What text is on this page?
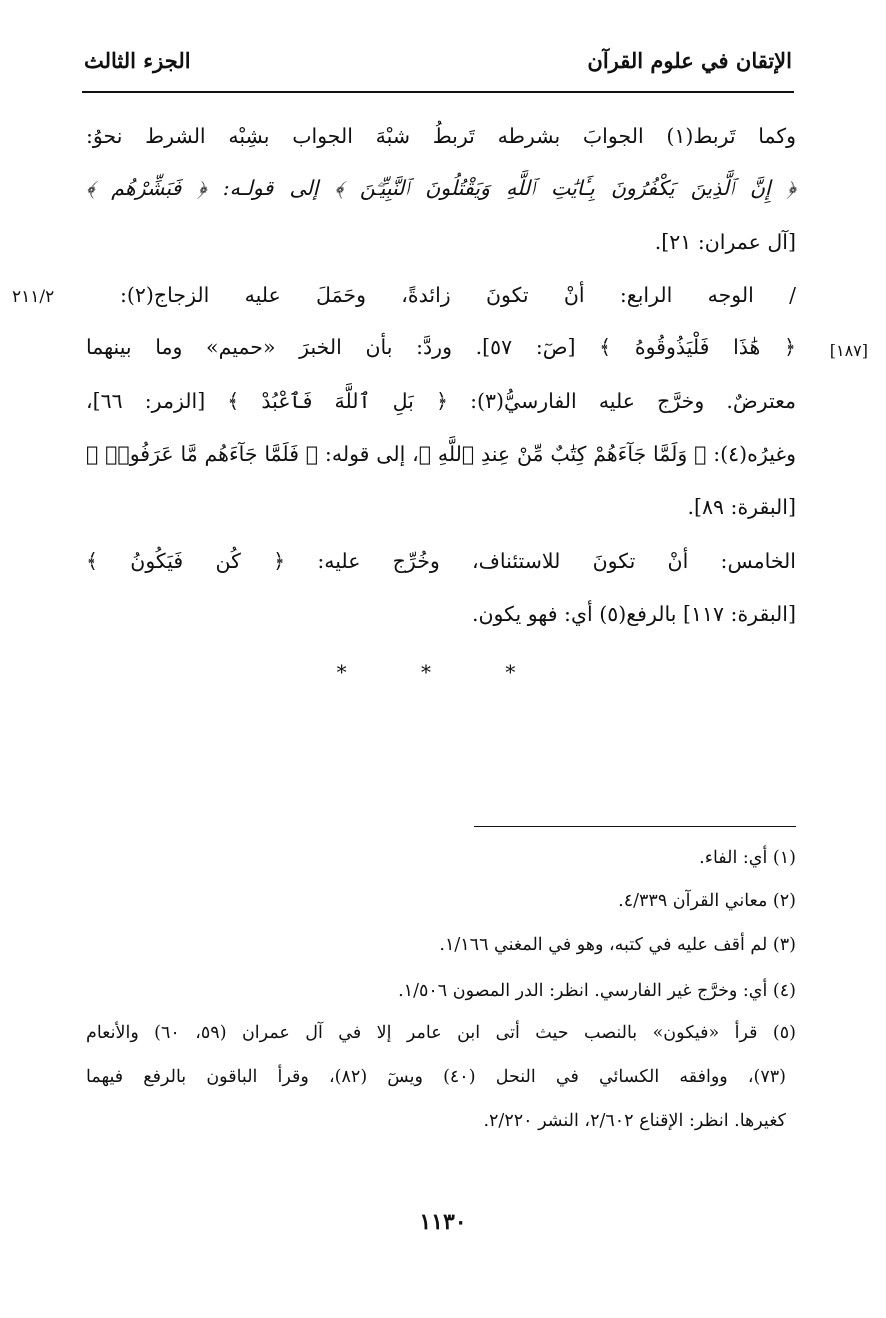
الإتقان في علوم القرآن
الجزء الثالث
وكما تَربط(١) الجوابَ بشرطه تَربطُ شبْهَ الجواب بشِبْه الشرط نحوُ:
﴿ إِنَّ ٱلَّذِينَ يَكْفُرُونَ بِـَٔايَٰتِ ٱللَّهِ وَيَقْتُلُونَ ٱلنَّبِيِّـۧنَ ﴾ إلى قولـه: ﴿ فَبَشِّرْهُم ﴾
[آل عمران: ٢١].
/ الوجه الرابع: أنْ تكونَ زائدةً، وحَمَلَ عليه الزجاج(٢):
﴿ هَٰذَا فَلْيَذُوقُوهُ ﴾ [صٓ: ٥٧]. وردَّ: بأن الخبرَ «حميم» وما بينهما
معترضٌ. وخرَّج عليه الفارسيُّ(٣): ﴿ بَلِ ٱللَّهَ فَٱعْبُدْ ﴾ [الزمر: ٦٦]،
وغيرُه(٤): ﴿ وَلَمَّا جَآءَهُمْ كِتَٰبٌ مِّنْ عِندِ ٱللَّهِ ﴾، إلى قوله: ﴿ فَلَمَّا جَآءَهُم مَّا عَرَفُوا۟ ﴾
[البقرة: ٨٩].
الخامس: أنْ تكونَ للاستئناف، وخُرِّج عليه: ﴿ كُن فَيَكُونُ ﴾
[البقرة: ١١٧] بالرفع(٥) أي: فهو يكون.
٢١١/٢
[١٨٧]
* * *
(١) أي: الفاء.
(٢) معاني القرآن ٤/٣٣٩.
(٣) لم أقف عليه في كتبه، وهو في المغني ١/١٦٦.
(٤) أي: وخرَّج غير الفارسي. انظر: الدر المصون ١/٥٠٦.
(٥) قرأ «فيكون» بالنصب حيث أتى ابن عامر إلا في آل عمران (٥٩، ٦٠) والأنعام
(٧٣)، ووافقه الكسائي في النحل (٤٠) ويسٓ (٨٢)، وقرأ الباقون بالرفع فيهما
كغيرها. انظر: الإقناع ٢/٦٠٢، النشر ٢/٢٢٠.
١١٣٠
